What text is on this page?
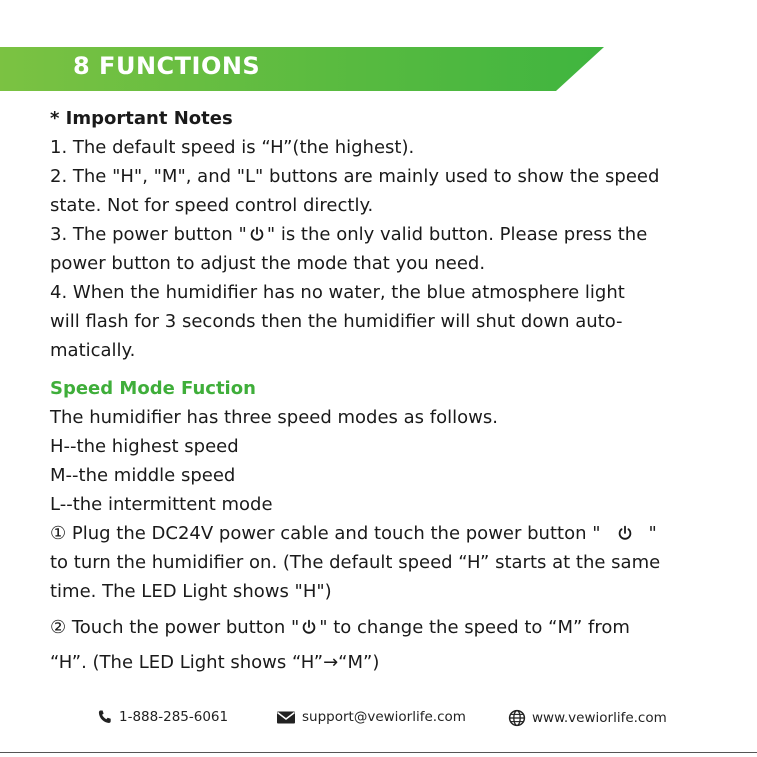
8 FUNCTIONS
* Important Notes
1. The default speed is “H”(the highest).
2. The "H", "M", and "L" buttons are mainly used to show the speed
state. Not for speed control directly.
3. The power button " " is the only valid button. Please press the
power button to adjust the mode that you need.
4. When the humidifier has no water, the blue atmosphere light
will flash for 3 seconds then the humidifier will shut down auto-
matically.
Speed Mode Fuction
The humidifier has three speed modes as follows.
H--the highest speed
M--the middle speed
L--the intermittent mode
① Plug the DC24V power cable and touch the power button "	"
to turn the humidifier on. (The default speed “H” starts at the same
time. The LED Light shows "H")
② Touch the power button " " to change the speed to “M” from
“H”. (The LED Light shows “H”→“M”)
1-888-285-6061	support@vewiorlife.com	www.vewiorlife.com
